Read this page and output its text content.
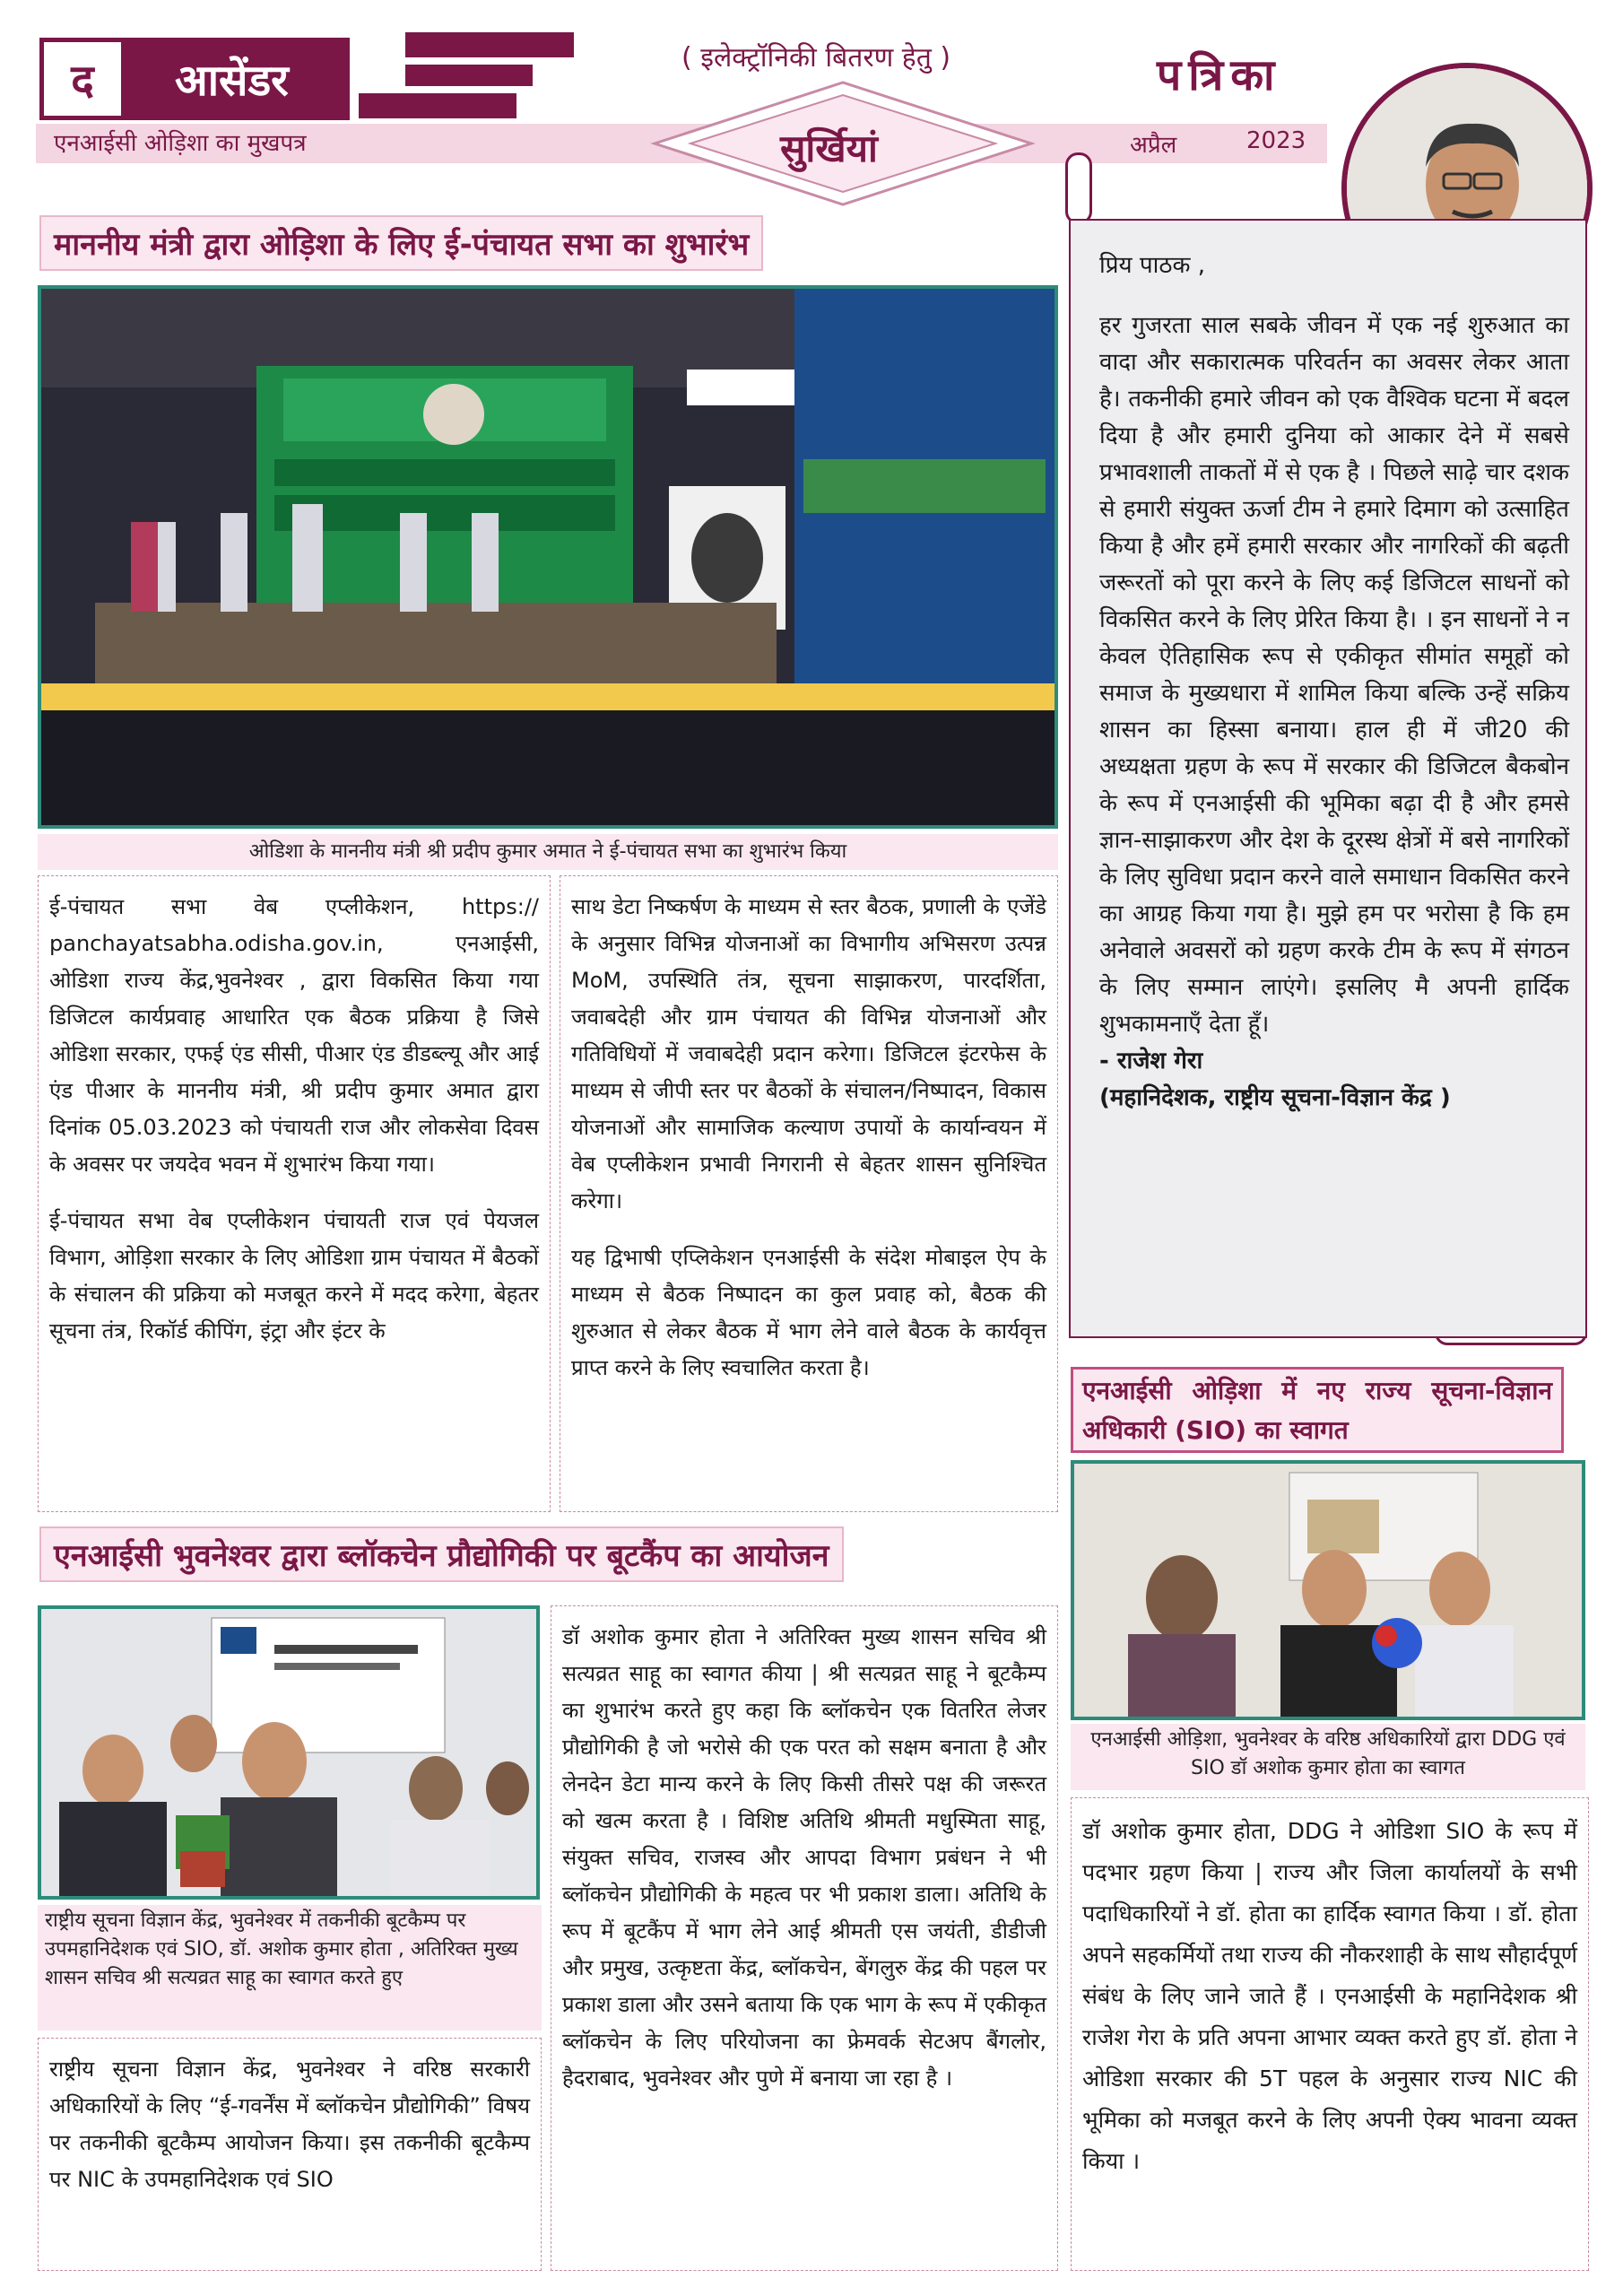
द	आसेंडर
एनआईसी ओड़िशा का मुखपत्र
( इलेक्ट्रॉनिकी बितरण हेतु )
सुर्खियां
पत्रिका
अप्रैल	2023
प्रिय पाठक ,
हर गुजरता साल सबके जीवन में एक नई शुरुआत का वादा और सकारात्मक परिवर्तन का अवसर लेकर आता है। तकनीकी हमारे जीवन को एक वैश्विक घटना में बदल दिया है और हमारी दुनिया को आकार देने में सबसे प्रभावशाली ताकतों में से एक है । पिछले साढ़े चार दशक से हमारी संयुक्त ऊर्जा टीम ने हमारे दिमाग को उत्साहित किया है और हमें हमारी सरकार और नागरिकों की बढ़ती जरूरतों को पूरा करने के लिए कई डिजिटल साधनों को विकसित करने के लिए प्रेरित किया है। । इन साधनों ने न केवल ऐतिहासिक रूप से एकीकृत सीमांत समूहों को समाज के मुख्यधारा में शामिल किया बल्कि उन्हें सक्रिय शासन का हिस्सा बनाया। हाल ही में जी20 की अध्यक्षता ग्रहण के रूप में सरकार की डिजिटल बैकबोन के रूप में एनआईसी की भूमिका बढ़ा दी है और हमसे ज्ञान-साझाकरण और देश के दूरस्थ क्षेत्रों में बसे नागरिकों के लिए सुविधा प्रदान करने वाले समाधान विकसित करने का आग्रह किया गया है। मुझे हम पर भरोसा है कि हम अनेवाले अवसरों को ग्रहण करके टीम के रूप में संगठन के लिए सम्मान लाएंगे। इसलिए मै अपनी हार्दिक शुभकामनाएँ देता हूँ।
- राजेश गेरा
(महानिदेशक, राष्ट्रीय सूचना-विज्ञान केंद्र )
माननीय मंत्री द्वारा ओड़िशा के लिए ई-पंचायत सभा का शुभारंभ
ओडिशा के माननीय मंत्री श्री प्रदीप कुमार अमात ने ई-पंचायत सभा का शुभारंभ किया

ई-पंचायत सभा वेब एप्लीकेशन, https:// panchayatsabha.odisha.gov.in, एनआईसी, ओडिशा राज्य केंद्र,भुवनेश्वर , द्वारा विकसित किया गया डिजिटल कार्यप्रवाह आधारित एक बैठक प्रक्रिया है जिसे ओडिशा सरकार, एफई एंड सीसी, पीआर एंड डीडब्ल्यू और आई एंड पीआर के माननीय मंत्री, श्री प्रदीप कुमार अमात द्वारा दिनांक 05.03.2023 को पंचायती राज और लोकसेवा दिवस के अवसर पर जयदेव भवन में शुभारंभ किया गया।

ई-पंचायत सभा वेब एप्लीकेशन पंचायती राज एवं पेयजल विभाग, ओड़िशा सरकार के लिए ओडिशा ग्राम पंचायत में बैठकों के संचालन की प्रक्रिया को मजबूत करने में मदद करेगा, बेहतर सूचना तंत्र, रिकॉर्ड कीपिंग, इंट्रा और इंटर के

साथ डेटा निष्कर्षण के माध्यम से स्तर बैठक, प्रणाली के एजेंडे के अनुसार विभिन्न योजनाओं का विभागीय अभिसरण उत्पन्न MoM, उपस्थिति तंत्र, सूचना साझाकरण, पारदर्शिता, जवाबदेही और ग्राम पंचायत की विभिन्न योजनाओं और गतिविधियों में जवाबदेही प्रदान करेगा। डिजिटल इंटरफेस के माध्यम से जीपी स्तर पर बैठकों के संचालन/निष्पादन, विकास योजनाओं और सामाजिक कल्याण उपायों के कार्यान्वयन में वेब एप्लीकेशन प्रभावी निगरानी से बेहतर शासन सुनिश्चित करेगा।

यह द्विभाषी एप्लिकेशन एनआईसी के संदेश मोबाइल ऐप के माध्यम से बैठक निष्पादन का कुल प्रवाह को, बैठक की शुरुआत से लेकर बैठक में भाग लेने वाले बैठक के कार्यवृत्त प्राप्त करने के लिए स्वचालित करता है।

एनआईसी ओड़िशा में नए राज्य सूचना-विज्ञान अधिकारी (SIO) का स्वागत
एनआईसी ओड़िशा, भुवनेश्वर के वरिष्ठ अधिकारियों द्वारा DDG एवं SIO डॉ अशोक कुमार होता का स्वागत

डॉ अशोक कुमार होता, DDG ने ओडिशा SIO के रूप में पदभार ग्रहण किया | राज्य और जिला कार्यालयों के सभी पदाधिकारियों ने डॉ. होता का हार्दिक स्वागत किया । डॉ. होता अपने सहकर्मियों तथा राज्य की नौकरशाही के साथ सौहार्दपूर्ण संबंध के लिए जाने जाते हैं । एनआईसी के महानिदेशक श्री राजेश गेरा के प्रति अपना आभार व्यक्त करते हुए डॉ. होता ने ओडिशा सरकार की 5T पहल के अनुसार राज्य NIC की भूमिका को मजबूत करने के लिए अपनी ऐक्य भावना व्यक्त किया ।

एनआईसी भुवनेश्वर द्वारा ब्लॉकचेन प्रौद्योगिकी पर बूटकैंप का आयोजन
राष्ट्रीय सूचना विज्ञान केंद्र, भुवनेश्वर में तकनीकी बूटकैम्प पर उपमहानिदेशक एवं SIO, डॉ. अशोक कुमार होता , अतिरिक्त मुख्य शासन सचिव श्री सत्यव्रत साहू का स्वागत करते हुए

राष्ट्रीय सूचना विज्ञान केंद्र, भुवनेश्वर ने वरिष्ठ सरकारी अधिकारियों के लिए “ई-गवर्नेंस में ब्लॉकचेन प्रौद्योगिकी” विषय पर तकनीकी बूटकैम्प आयोजन किया। इस तकनीकी बूटकैम्प पर NIC के उपमहानिदेशक एवं SIO

डॉ अशोक कुमार होता ने अतिरिक्त मुख्य शासन सचिव श्री सत्यव्रत साहू का स्वागत कीया | श्री सत्यव्रत साहू ने बूटकैम्प का शुभारंभ करते हुए कहा कि ब्लॉकचेन एक वितरित लेजर प्रौद्योगिकी है जो भरोसे की एक परत को सक्षम बनाता है और लेनदेन डेटा मान्य करने के लिए किसी तीसरे पक्ष की जरूरत को खत्म करता है । विशिष्ट अतिथि श्रीमती मधुस्मिता साहू, संयुक्त सचिव, राजस्व और आपदा विभाग प्रबंधन ने भी ब्लॉकचेन प्रौद्योगिकी के महत्व पर भी प्रकाश डाला। अतिथि के रूप में बूटकैंप में भाग लेने आई श्रीमती एस जयंती, डीडीजी और प्रमुख, उत्कृष्टता केंद्र, ब्लॉकचेन, बेंगलुरु केंद्र की पहल पर प्रकाश डाला और उसने बताया कि एक भाग के रूप में एकीकृत ब्लॉकचेन के लिए परियोजना का फ्रेमवर्क सेटअप बैंगलोर, हैदराबाद, भुवनेश्वर और पुणे में बनाया जा रहा है ।
